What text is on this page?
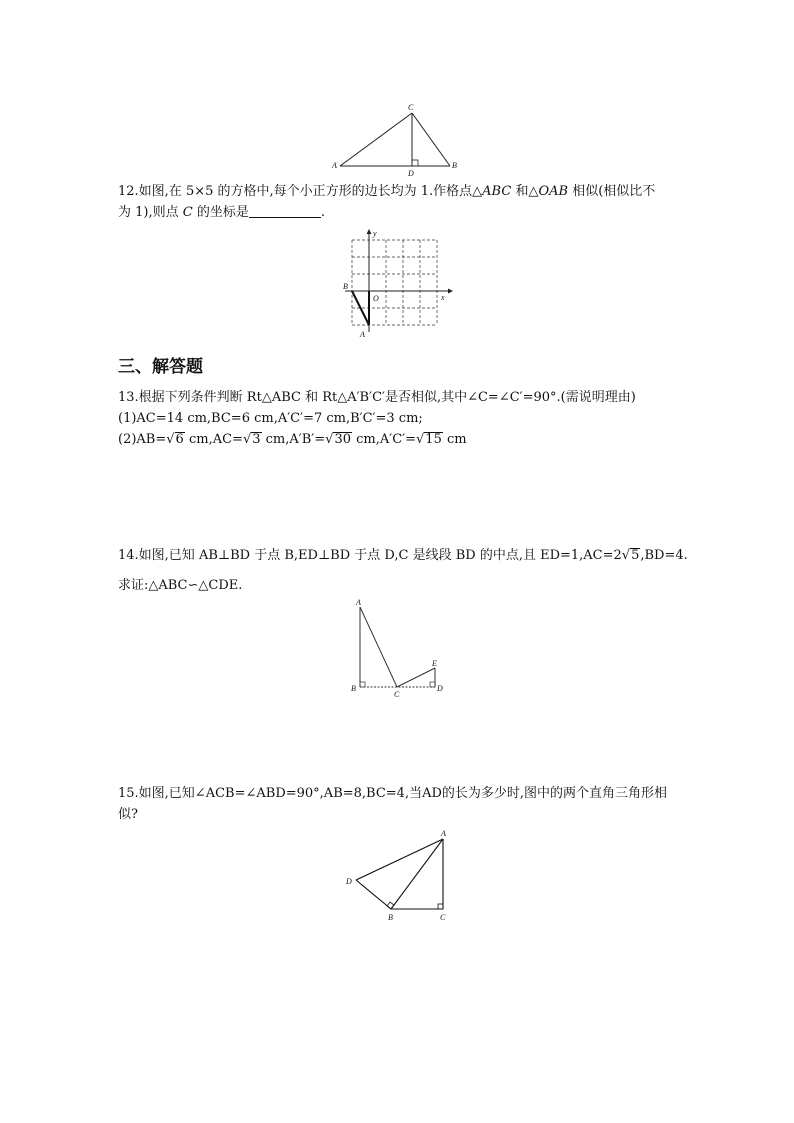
C
A	B
D
12.如图,在 5×5 的方格中,每个小正方形的边长均为 1.作格点△ABC 和△OAB 相似(相似比不
为 1),则点 C 的坐标是	.
y
x
O
B
A
三、解答题
13.根据下列条件判断 Rt△ABC 和 Rt△A′B′C′是否相似,其中∠C=∠C′=90°.(需说明理由)
(1)AC=14 cm,BC=6 cm,A′C′=7 cm,B′C′=3 cm;
(2)AB=√6 cm,AC=√3 cm,A′B′=√30 cm,A′C′=√15 cm
14.如图,已知 AB⊥BD 于点 B,ED⊥BD 于点 D,C 是线段 BD 的中点,且 ED=1,AC=2√5,BD=4.
求证:△ABC∽△CDE.
A
B
C
D
E
15.如图,已知∠ACB=∠ABD=90°,AB=8,BC=4,当AD的长为多少时,图中的两个直角三角形相
似?
A
B	C
D
